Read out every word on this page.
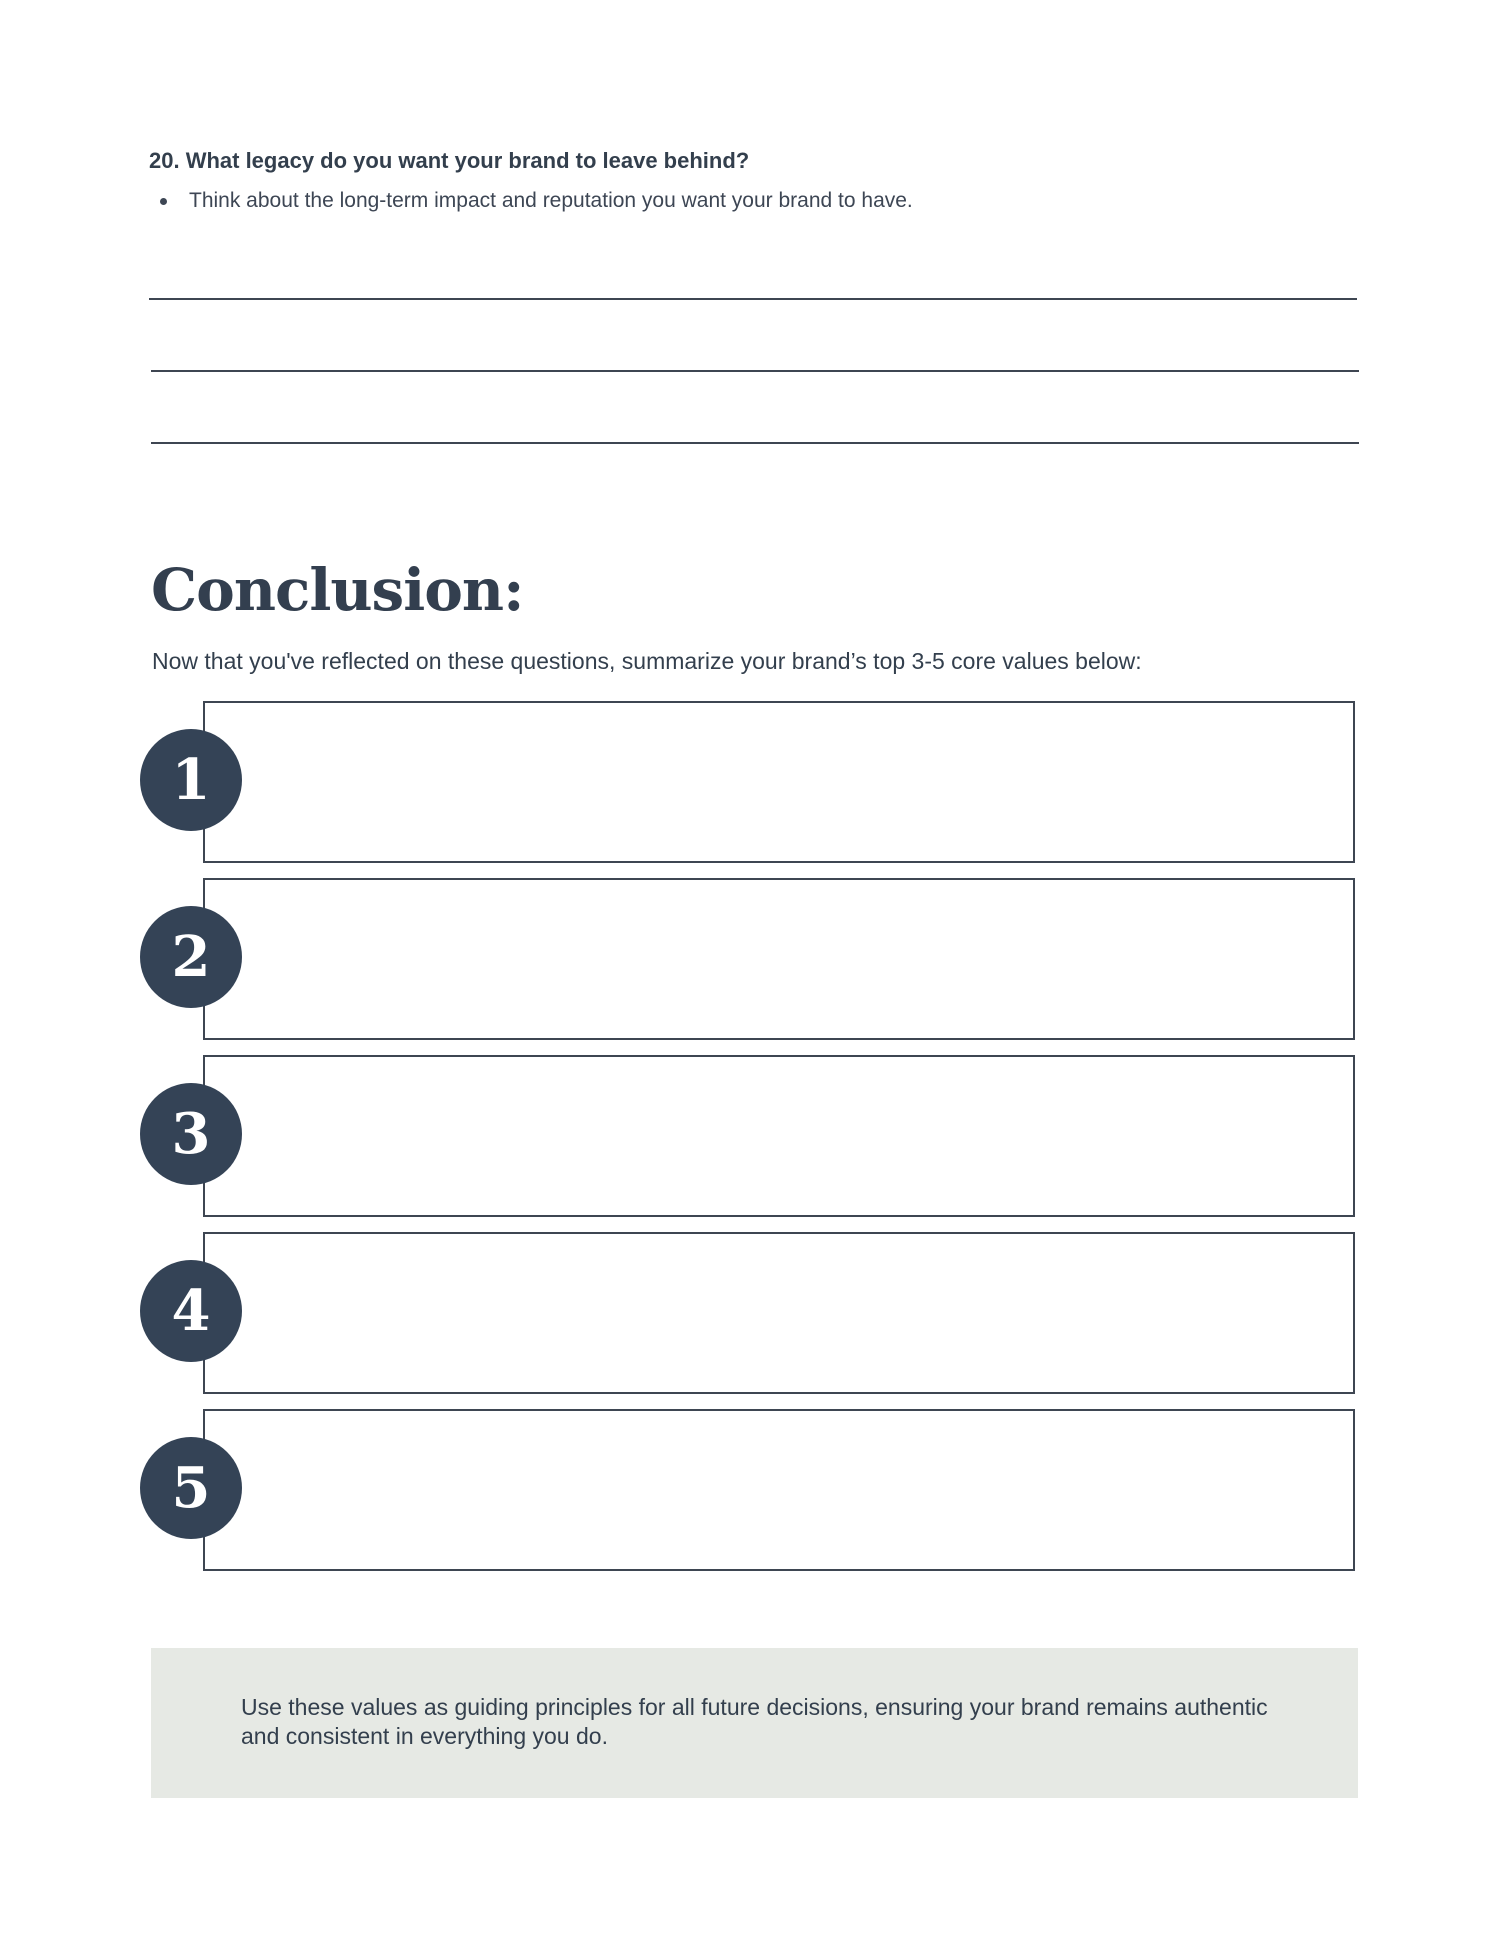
20. What legacy do you want your brand to leave behind?

Think about the long-term impact and reputation you want your brand to have.

Conclusion:

Now that you've reflected on these questions, summarize your brand’s top 3-5 core values below:

1
2
3
4
5

Use these values as guiding principles for all future decisions, ensuring your brand remains authentic and consistent in everything you do.
